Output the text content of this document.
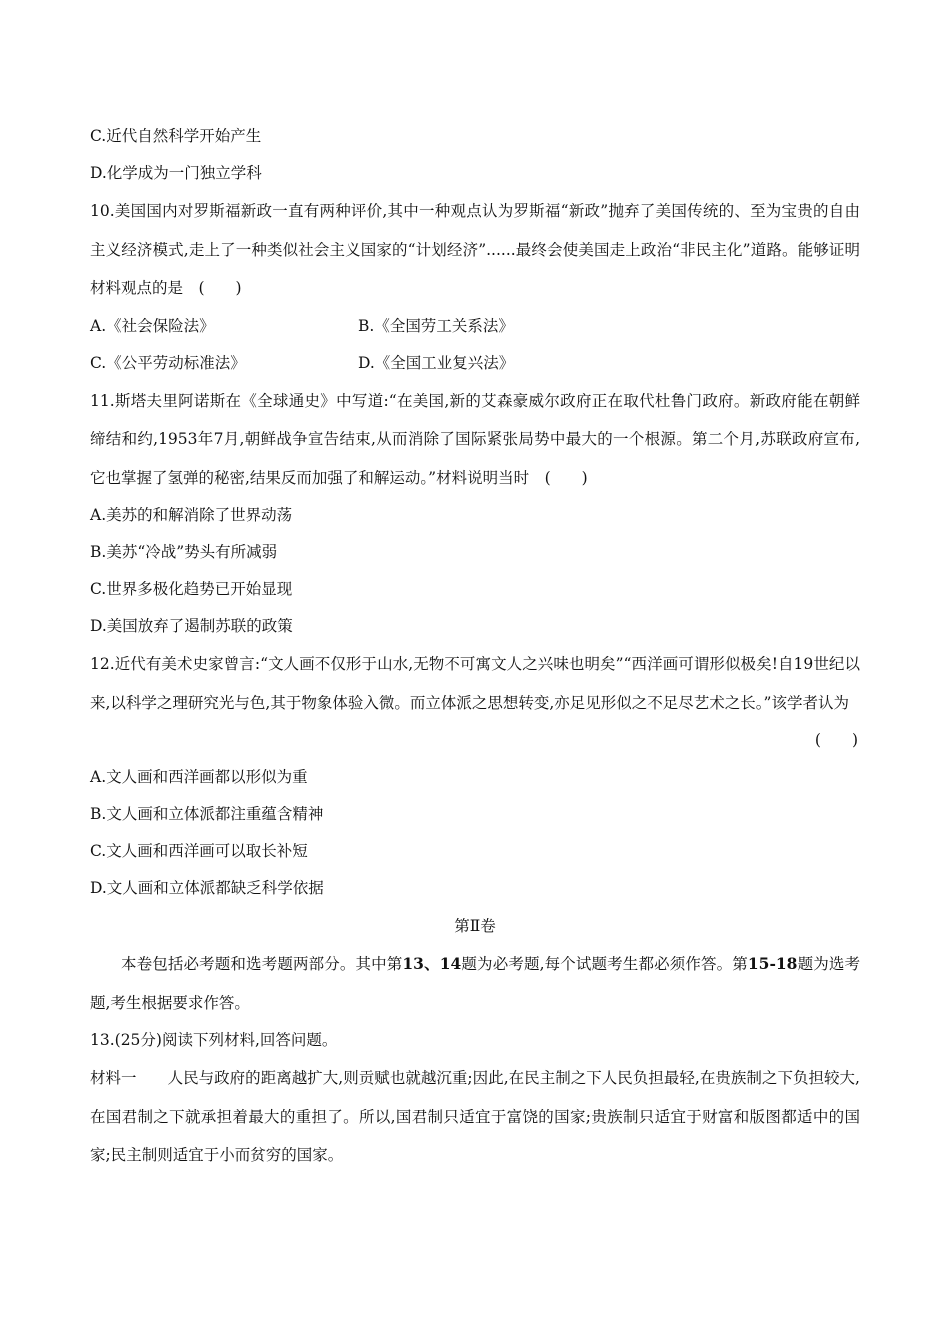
C.近代自然科学开始产生
D.化学成为一门独立学科
10.美国国内对罗斯福新政一直有两种评价,其中一种观点认为罗斯福“新政”抛弃了美国传统的、至为宝贵的自由主义经济模式,走上了一种类似社会主义国家的“计划经济”......最终会使美国走上政治“非民主化”道路。能够证明材料观点的是　(　　)
A.《社会保险法》	B.《全国劳工关系法》
C.《公平劳动标准法》	D.《全国工业复兴法》
11.斯塔夫里阿诺斯在《全球通史》中写道:“在美国,新的艾森豪威尔政府正在取代杜鲁门政府。新政府能在朝鲜缔结和约,1953年7月,朝鲜战争宣告结束,从而消除了国际紧张局势中最大的一个根源。第二个月,苏联政府宣布,它也掌握了氢弹的秘密,结果反而加强了和解运动。”材料说明当时　(　　)
A.美苏的和解消除了世界动荡
B.美苏“冷战”势头有所减弱
C.世界多极化趋势已开始显现
D.美国放弃了遏制苏联的政策
12.近代有美术史家曾言:“文人画不仅形于山水,无物不可寓文人之兴味也明矣”“西洋画可谓形似极矣!自19世纪以来,以科学之理研究光与色,其于物象体验入微。而立体派之思想转变,亦足见形似之不足尽艺术之长。”该学者认为
(　　)
A.文人画和西洋画都以形似为重
B.文人画和立体派都注重蕴含精神
C.文人画和西洋画可以取长补短
D.文人画和立体派都缺乏科学依据
第Ⅱ卷
本卷包括必考题和选考题两部分。其中第13、14题为必考题,每个试题考生都必须作答。第15-18题为选考题,考生根据要求作答。
13.(25分)阅读下列材料,回答问题。
材料一 人民与政府的距离越扩大,则贡赋也就越沉重;因此,在民主制之下人民负担最轻,在贵族制之下负担较大,在国君制之下就承担着最大的重担了。所以,国君制只适宜于富饶的国家;贵族制只适宜于财富和版图都适中的国家;民主制则适宜于小而贫穷的国家。
